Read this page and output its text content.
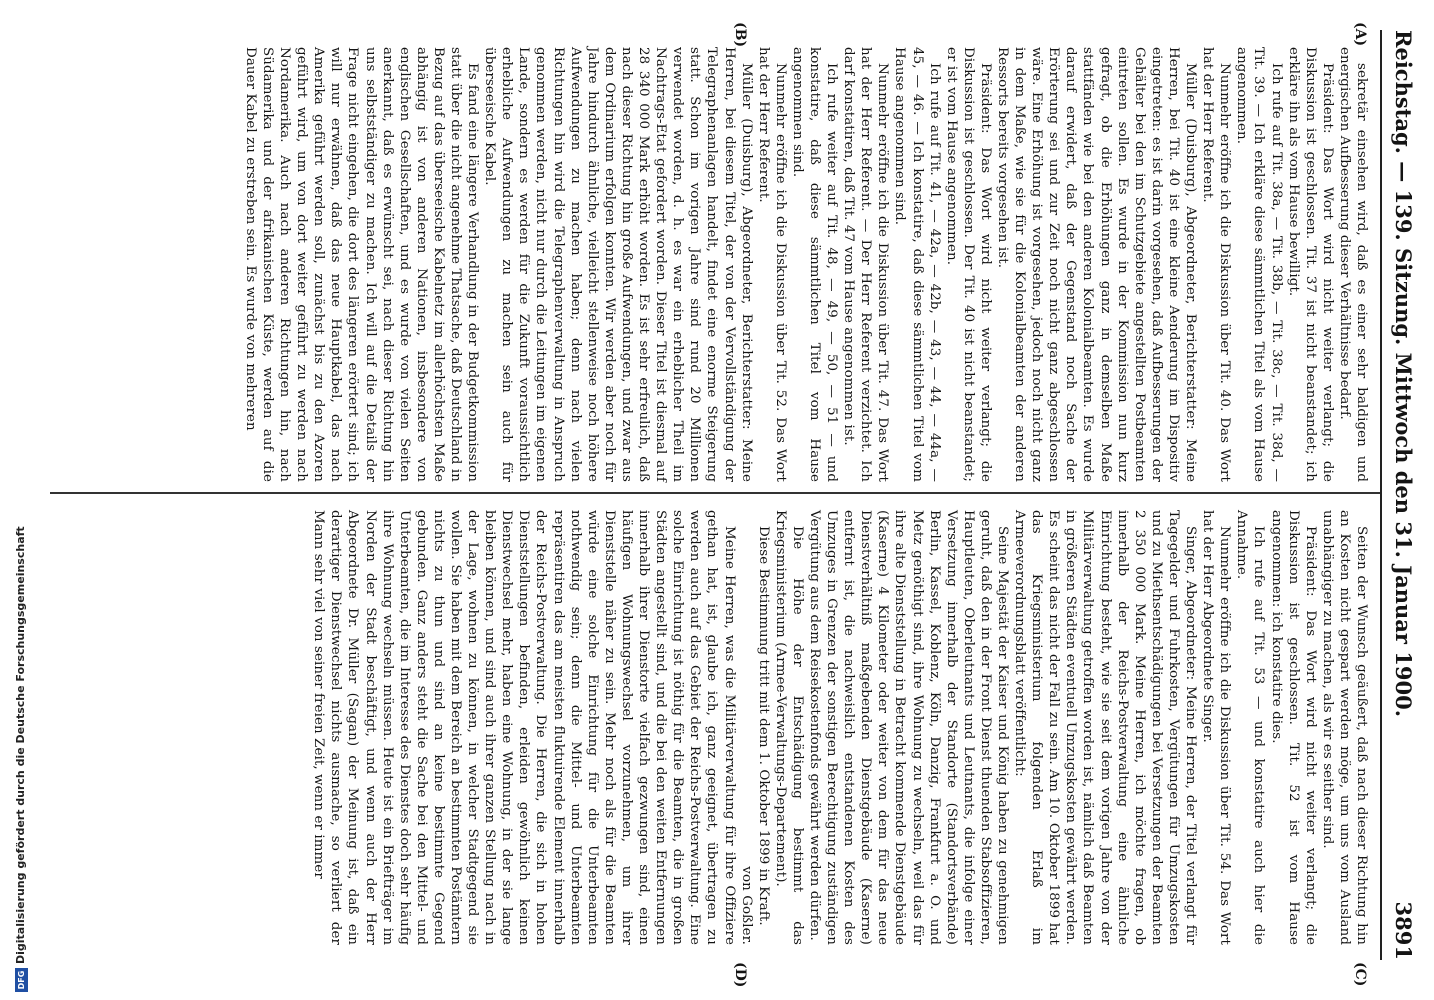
Reichstag. — 139. Sitzung. Mittwoch den 31. Januar 1900.
3891
(A)
(B)
(C)
(D)

sekretär einsehen wird, daß es einer sehr baldigen und energischen Aufbesserung dieser Verhältnisse bedarf.

Präsident: Das Wort wird nicht weiter verlangt; die Diskussion ist geschlossen. Tit. 37 ist nicht beanstandet; ich erkläre ihn als vom Hause bewilligt.

Ich rufe auf Tit. 38a, — Tit. 38b, — Tit. 38c, — Tit. 38d, — Tit. 39. — Ich erkläre diese sämmtlichen Titel als vom Hause angenommen.

Nunmehr eröffne ich die Diskussion über Tit. 40. Das Wort hat der Herr Referent.

Müller (Duisburg), Abgeordneter, Berichterstatter: Meine Herren, bei Tit. 40 ist eine kleine Aenderung im Dispositiv eingetreten: es ist darin vorgesehen, daß Aufbesserungen der Gehälter bei den im Schutzgebiete angestellten Postbeamten eintreten sollen. Es wurde in der Kommission nun kurz gefragt, ob die Erhöhungen ganz in demselben Maße stattfänden wie bei den anderen Kolonialbeamten. Es wurde darauf erwidert, daß der Gegenstand noch Sache der Erörterung sei und zur Zeit noch nicht ganz abgeschlossen wäre. Eine Erhöhung ist vorgesehen, jedoch noch nicht ganz in dem Maße, wie sie für die Kolonialbeamten der anderen Ressorts bereits vorgesehen ist.

Präsident: Das Wort wird nicht weiter verlangt; die Diskussion ist geschlossen. Der Tit. 40 ist nicht beanstandet; er ist vom Hause angenommen.

Ich rufe auf Tit. 41, — 42a, — 42b, — 43, — 44, — 44a, — 45, — 46. — Ich konstatire, daß diese sämmtlichen Titel vom Hause angenommen sind.

Nunmehr eröffne ich die Diskussion über Tit. 47. Das Wort hat der Herr Referent. — Der Herr Referent verzichtet. Ich darf konstatiren, daß Tit. 47 vom Hause angenommen ist.

Ich rufe weiter auf Tit. 48, — 49, — 50, — 51 — und konstatire, daß diese sämmtlichen Titel vom Hause angenommen sind.

Nunmehr eröffne ich die Diskussion über Tit. 52. Das Wort hat der Herr Referent.

Müller (Duisburg), Abgeordneter, Berichterstatter: Meine Herren, bei diesem Titel, der von der Vervollständigung der Telegraphenanlagen handelt, findet eine enorme Steigerung statt. Schon im vorigen Jahre sind rund 20 Millionen verwendet worden, d. h. es war ein erheblicher Theil im Nachtrags-Etat gefordert worden. Dieser Titel ist diesmal auf 28 340 000 Mark erhöht worden. Es ist sehr erfreulich, daß nach dieser Richtung hin große Aufwendungen, und zwar aus dem Ordinarium erfolgen konnten. Wir werden aber noch für Jahre hindurch ähnliche, vielleicht stellenweise noch höhere Aufwendungen zu machen haben; denn nach vielen Richtungen hin wird die Telegraphenverwaltung in Anspruch genommen werden, nicht nur durch die Leitungen im eigenen Lande, sondern es werden für die Zukunft voraussichtlich erhebliche Aufwendungen zu machen sein auch für überseeische Kabel.

Es fand eine längere Verhandlung in der Budgetkommission statt über die nicht angenehme Thatsache, daß Deutschland in Bezug auf das überseeische Kabelnetz im allerhöchsten Maße abhängig ist von anderen Nationen, insbesondere von englischen Gesellschaften, und es wurde von vielen Seiten anerkannt, daß es erwünscht sei, nach dieser Richtung hin uns selbstständiger zu machen. Ich will auf die Details der Frage nicht eingehen, die dort des längeren erörtert sind; ich will nur erwähnen, daß das neue Hauptkabel, das nach Amerika geführt werden soll, zunächst bis zu den Azoren geführt wird, um von dort weiter geführt zu werden nach Nordamerika. Auch nach anderen Richtungen hin, nach Südamerika und der afrikanischen Küste, werden auf die Dauer Kabel zu erstreben sein. Es wurde von mehreren

Seiten der Wunsch geäußert, daß nach dieser Richtung hin an Kosten nicht gespart werden möge, um uns vom Ausland unabhängiger zu machen, als wir es seither sind.

Präsident: Das Wort wird nicht weiter verlangt; die Diskussion ist geschlossen. Tit. 52 ist vom Hause angenommen: ich konstatire dies.

Ich rufe auf Tit. 53 — und konstatire auch hier die Annahme.

Nunmehr eröffne ich die Diskussion über Tit. 54. Das Wort hat der Herr Abgeordnete Singer.

Singer, Abgeordneter: Meine Herren, der Titel verlangt für Tagegelder und Fuhrkosten, Vergütungen für Umzugskosten und zu Miethsentschädigungen bei Versetzungen der Beamten 2 350 000 Mark. Meine Herren, ich möchte fragen, ob innerhalb der Reichs-Postverwaltung eine ähnliche Einrichtung besteht, wie sie seit dem vorigen Jahre von der Militärverwaltung getroffen worden ist, nämlich daß Beamten in größeren Städten eventuell Umzugskosten gewährt werden. Es scheint das nicht der Fall zu sein. Am 10. Oktober 1899 hat das Kriegsministerium folgenden Erlaß im Armeeverordnungsblatt veröffentlicht:

Seine Majestät der Kaiser und König haben zu genehmigen geruht, daß den in der Front Dienst thuenden Stabsoffizieren, Hauptleuten, Oberleutnants und Leutnants, die infolge einer Versetzung innerhalb der Standorte (Standortsverbände) Berlin, Kassel, Koblenz, Köln, Danzig, Frankfurt a. O. und Metz genöthigt sind, ihre Wohnung zu wechseln, weil das für ihre alte Dienststellung in Betracht kommende Dienstgebäude (Kaserne) 4 Kilometer oder weiter von dem für das neue Dienstverhältniß maßgebenden Dienstgebäude (Kaserne) entfernt ist, die nachweislich entstandenen Kosten des Umzuges in Grenzen der sonstigen Berechtigung zuständigen Vergütung aus dem Reisekostenfonds gewährt werden dürfen.

Die Höhe der Entschädigung bestimmt das Kriegsministerium (Armee-Verwaltungs-Departement).

Diese Bestimmung tritt mit dem 1. Oktober 1899 in Kraft.

von Goßler.

Meine Herren, was die Militärverwaltung für ihre Offiziere gethan hat, ist, glaube ich, ganz geeignet, übertragen zu werden auch auf das Gebiet der Reichs-Postverwaltung. Eine solche Einrichtung ist nöthig für die Beamten, die in großen Städten angestellt sind, und die bei den weiten Entfernungen innerhalb ihrer Dienstorte vielfach gezwungen sind, einen häufigen Wohnungswechsel vorzunehmen, um ihrer Dienststelle näher zu sein. Mehr noch als für die Beamten würde eine solche Einrichtung für die Unterbeamten nothwendig sein; denn die Mittel- und Unterbeamten repräsentiren das am meisten fluktuirende Element innerhalb der Reichs-Postverwaltung. Die Herren, die sich in hohen Dienststellungen befinden, erleiden gewöhnlich keinen Dienstwechsel mehr, haben eine Wohnung, in der sie lange bleiben können, und sind auch ihrer ganzen Stellung nach in der Lage, wohnen zu können, in welcher Stadtgegend sie wollen. Sie haben mit dem Bereich an bestimmten Postämtern nichts zu thun und sind an keine bestimmte Gegend gebunden. Ganz anders steht die Sache bei den Mittel- und Unterbeamten, die im Interesse des Dienstes doch sehr häufig ihre Wohnung wechseln müssen. Heute ist ein Briefträger im Norden der Stadt beschäftigt, und wenn auch der Herr Abgeordnete Dr. Müller (Sagan) der Meinung ist, daß ein derartiger Dienstwechsel nichts ausmache, so verliert der Mann sehr viel von seiner freien Zeit, wenn er immer

DFGDigitalisierung gefördert durch die Deutsche Forschungsgemeinschaft
